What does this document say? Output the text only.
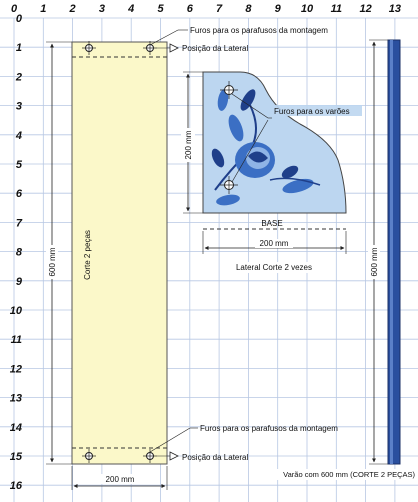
0 1 2 3 4 5 6 7 8 9 10 11 12 13
0
1
2
3
4
5
6
7
8
9
10
11
12
13
14
15
16
Corte 2 peças
600 mm
200 mm
Furos para os parafusos da montagem
Posição da Lateral
Furos para os parafusos da montagem
Posição da Lateral
Furos para os varões
BASE
200 mm
200 mm
Lateral Corte 2 vezes	600 mm
Varão com 600 mm (CORTE 2 PEÇAS)
